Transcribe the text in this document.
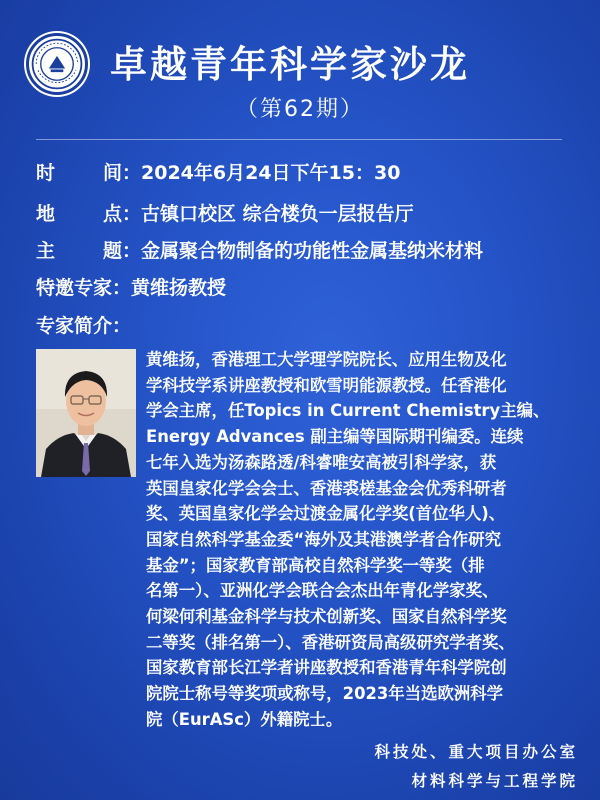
卓越青年科学家沙龙
（第62期）
时 间：2024年6月24日下午15：30
地 点：古镇口校区 综合楼负一层报告厅
主 题：金属聚合物制备的功能性金属基纳米材料
特邀专家：黄维扬教授
专家简介：
黄维扬，香港理工大学理学院院长、应用生物及化
学科技学系讲座教授和欧雪明能源教授。任香港化
学会主席，任Topics in Current Chemistry主编、
Energy Advances 副主编等国际期刊编委。连续
七年入选为汤森路透/科睿唯安高被引科学家，获
英国皇家化学会会士、香港裘槎基金会优秀科研者
奖、英国皇家化学会过渡金属化学奖(首位华人)、
国家自然科学基金委“海外及其港澳学者合作研究
基金”；国家教育部高校自然科学奖一等奖（排
名第一）、亚洲化学会联合会杰出年青化学家奖、
何梁何利基金科学与技术创新奖、国家自然科学奖
二等奖（排名第一）、香港研资局高级研究学者奖、
国家教育部长江学者讲座教授和香港青年科学院创
院院士称号等奖项或称号，2023年当选欧洲科学
院（EurASc）外籍院士。
科技处、重大项目办公室
材料科学与工程学院
